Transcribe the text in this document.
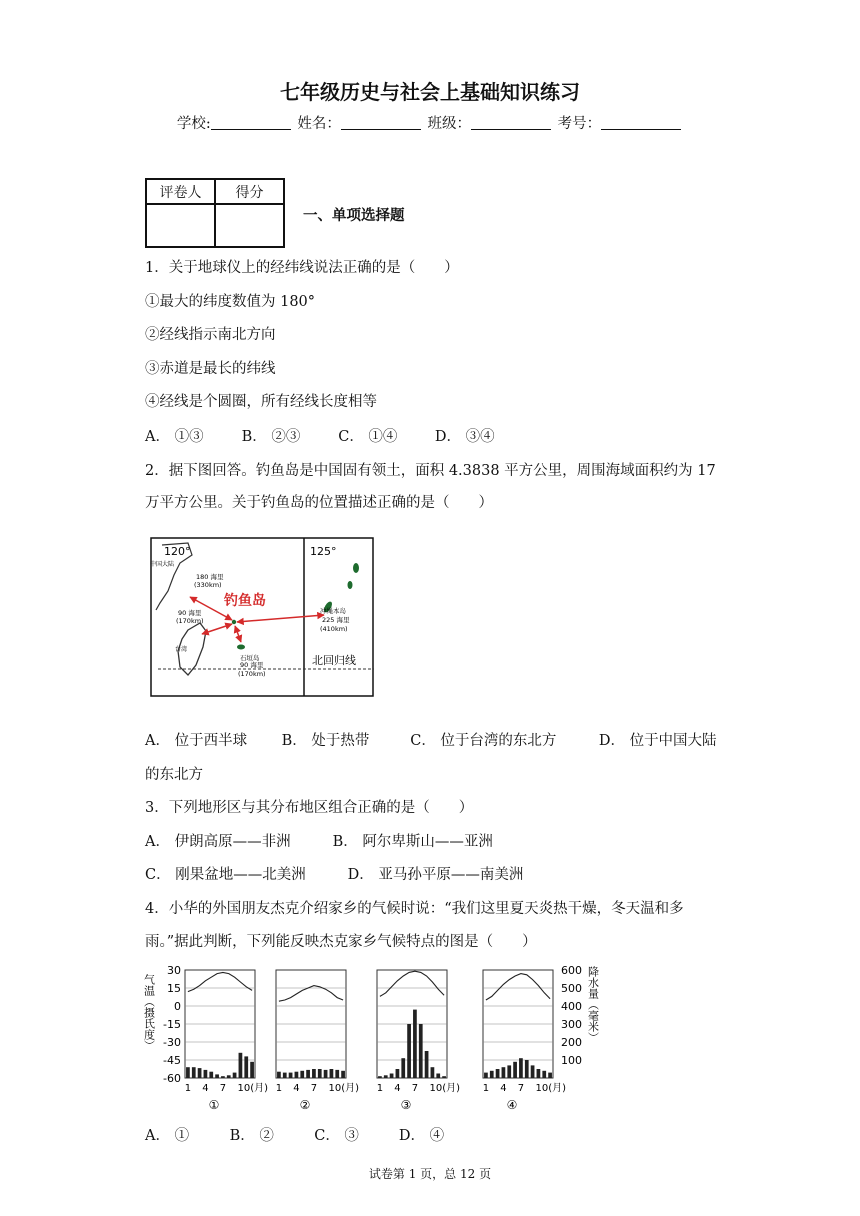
七年级历史与社会上基础知识练习
学校:	姓名：	班级：	考号：
评卷人	得分

一、单项选择题
1．关于地球仪上的经纬线说法正确的是（　　）
①最大的纬度数值为 180°
②经线指示南北方向
③赤道是最长的纬线
④经线是个圆圈，所有经线长度相等
A． ①③	B． ②③	C． ①④	D． ③④
2．据下图回答。钓鱼岛是中国固有领土，面积 4.3838 平方公里，周围海域面积约为 17
万平方公里。关于钓鱼岛的位置描述正确的是（　　）
120°	125°
中国大陆
钓鱼岛
台湾
180 海里
(330km)
90 海里
(170km)
冲绳本岛
225 海里
(410km)
石垣岛
90 海里
(170km)
北回归线
A． 位于西半球 B． 处于热带	C． 位于台湾的东北方	D． 位于中国大陆
的东北方
3．下列地形区与其分布地区组合正确的是（　　）
A． 伊朗高原——非洲	B． 阿尔卑斯山——亚洲
C． 刚果盆地——北美洲	D． 亚马孙平原——南美洲
4．小华的外国朋友杰克介绍家乡的气候时说：“我们这里夏天炎热干燥，冬天温和多
雨。”据此判断，下列能反映杰克家乡气候特点的图是（　　）
气温（摄氏度）	降水量（毫米）
30
15
0
-15
-30
-45
-60
600
500
400
300
200
100
1 4 7 10(月)
①
1 4 7 10(月)
②
1 4 7 10(月)
③
1 4 7 10(月)
④
A． ①	B． ②	C． ③	D． ④
试卷第 1 页，总 12 页
